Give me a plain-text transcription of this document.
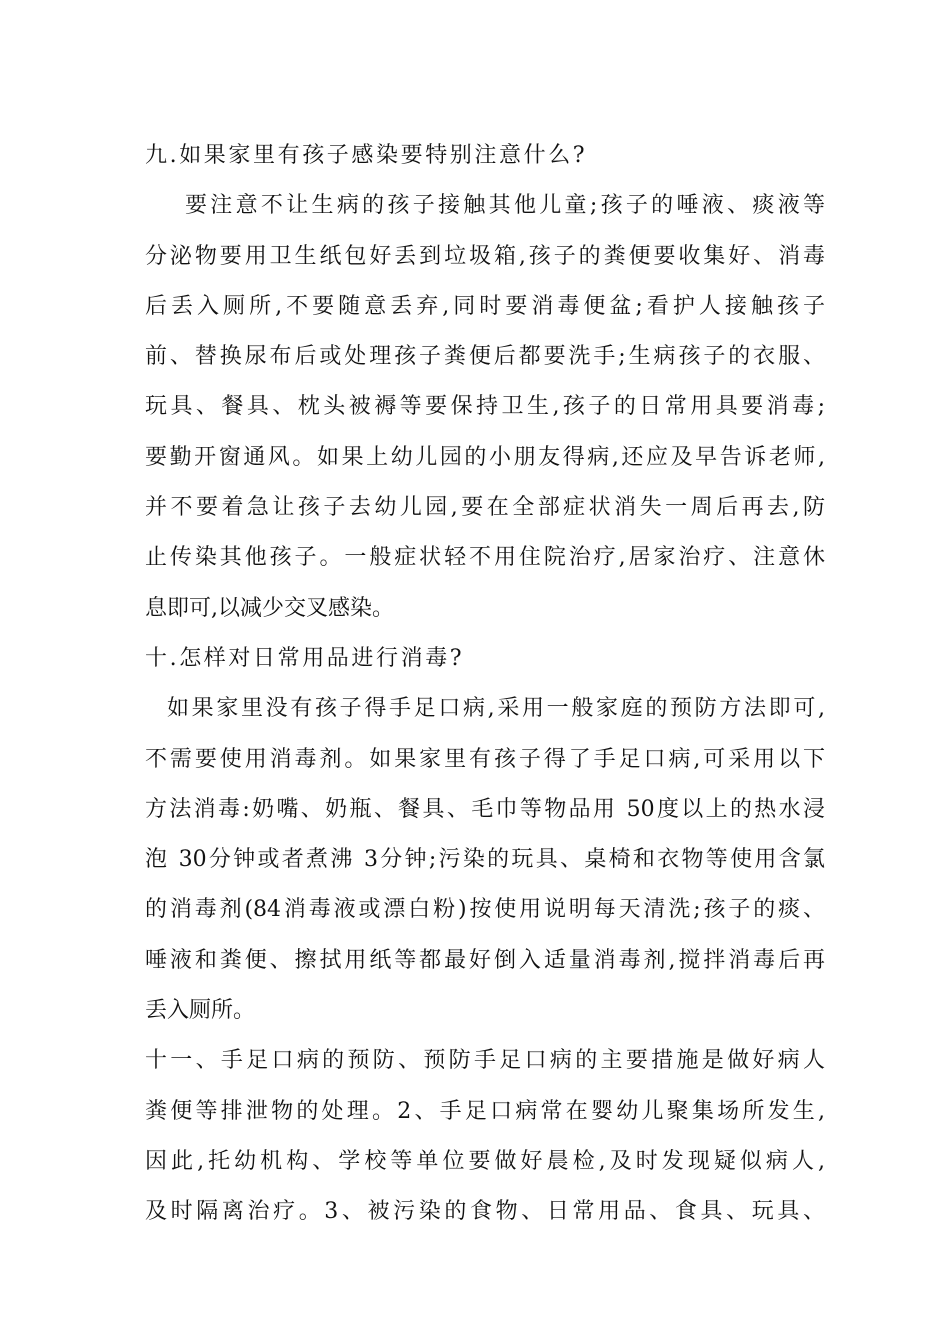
九.如果家里有孩子感染要特别注意什么?
要注意不让生病的孩子接触其他儿童;孩子的唾液、痰液等
分泌物要用卫生纸包好丢到垃圾箱,孩子的粪便要收集好、消毒
后丢入厕所,不要随意丢弃,同时要消毒便盆;看护人接触孩子
前、替换尿布后或处理孩子粪便后都要洗手;生病孩子的衣服、
玩具、餐具、枕头被褥等要保持卫生,孩子的日常用具要消毒;
要勤开窗通风。如果上幼儿园的小朋友得病,还应及早告诉老师,
并不要着急让孩子去幼儿园,要在全部症状消失一周后再去,防
止传染其他孩子。一般症状轻不用住院治疗,居家治疗、注意休
息即可,以减少交叉感染。
十.怎样对日常用品进行消毒?
如果家里没有孩子得手足口病,采用一般家庭的预防方法即可,
不需要使用消毒剂。如果家里有孩子得了手足口病,可采用以下
方法消毒:奶嘴、奶瓶、餐具、毛巾等物品用 50度以上的热水浸
泡 30分钟或者煮沸 3分钟;污染的玩具、桌椅和衣物等使用含氯
的消毒剂(84消毒液或漂白粉)按使用说明每天清洗;孩子的痰、
唾液和粪便、擦拭用纸等都最好倒入适量消毒剂,搅拌消毒后再
丢入厕所。
十一、手足口病的预防、预防手足口病的主要措施是做好病人
粪便等排泄物的处理。2、手足口病常在婴幼儿聚集场所发生,
因此,托幼机构、学校等单位要做好晨检,及时发现疑似病人,
及时隔离治疗。3、被污染的食物、日常用品、食具、玩具、
